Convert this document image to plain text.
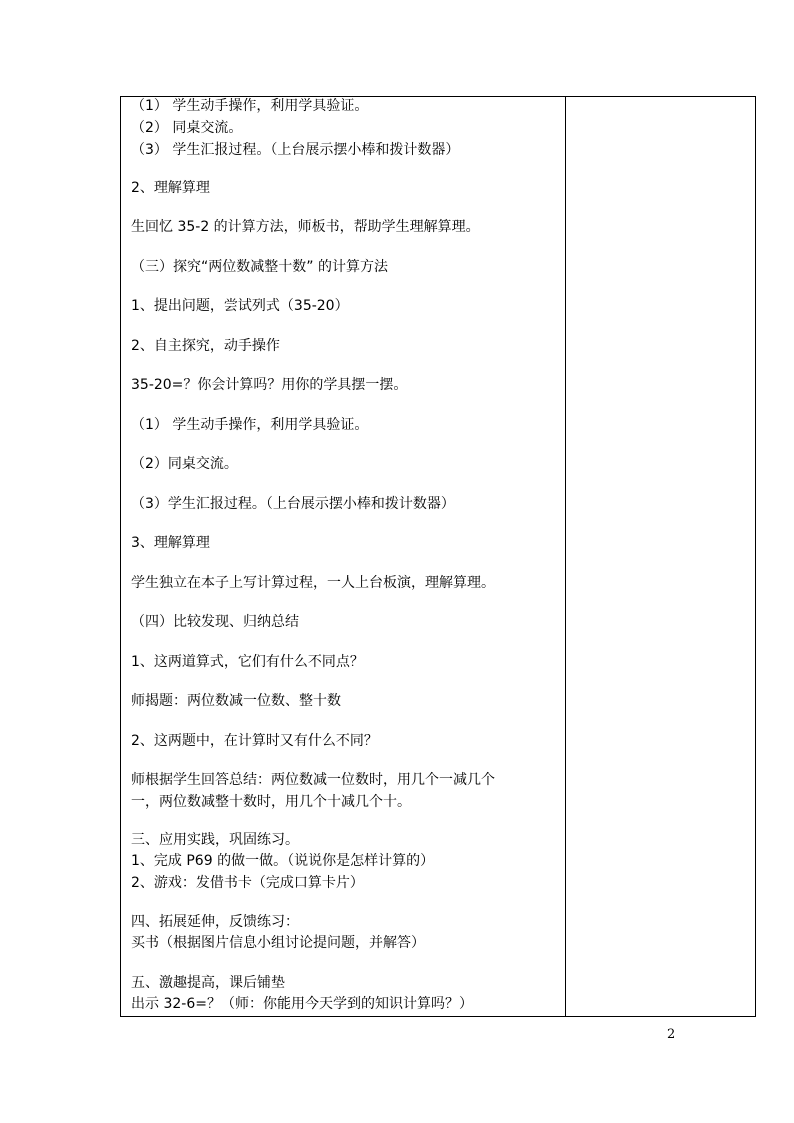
（1） 学生动手操作，利用学具验证。
（2） 同桌交流。
（3） 学生汇报过程。（上台展示摆小棒和拨计数器）
2、理解算理
生回忆 35-2 的计算方法，师板书，帮助学生理解算理。
（三）探究“两位数减整十数” 的计算方法
1、提出问题，尝试列式（35-20）
2、自主探究，动手操作
35-20=？你会计算吗？用你的学具摆一摆。
（1） 学生动手操作，利用学具验证。
（2）同桌交流。
（3）学生汇报过程。（上台展示摆小棒和拨计数器）
3、理解算理
学生独立在本子上写计算过程，一人上台板演，理解算理。
（四）比较发现、归纳总结
1、这两道算式，它们有什么不同点？
师揭题：两位数减一位数、整十数
2、这两题中，在计算时又有什么不同？
师根据学生回答总结：两位数减一位数时，用几个一减几个
一，两位数减整十数时，用几个十减几个十。
三、应用实践，巩固练习。
1、完成 P69 的做一做。（说说你是怎样计算的）
2、游戏：发借书卡（完成口算卡片）
四、拓展延伸，反馈练习：
买书（根据图片信息小组讨论提问题，并解答）
五、激趣提高，课后铺垫
出示 32-6=？（师：你能用今天学到的知识计算吗？）
2
